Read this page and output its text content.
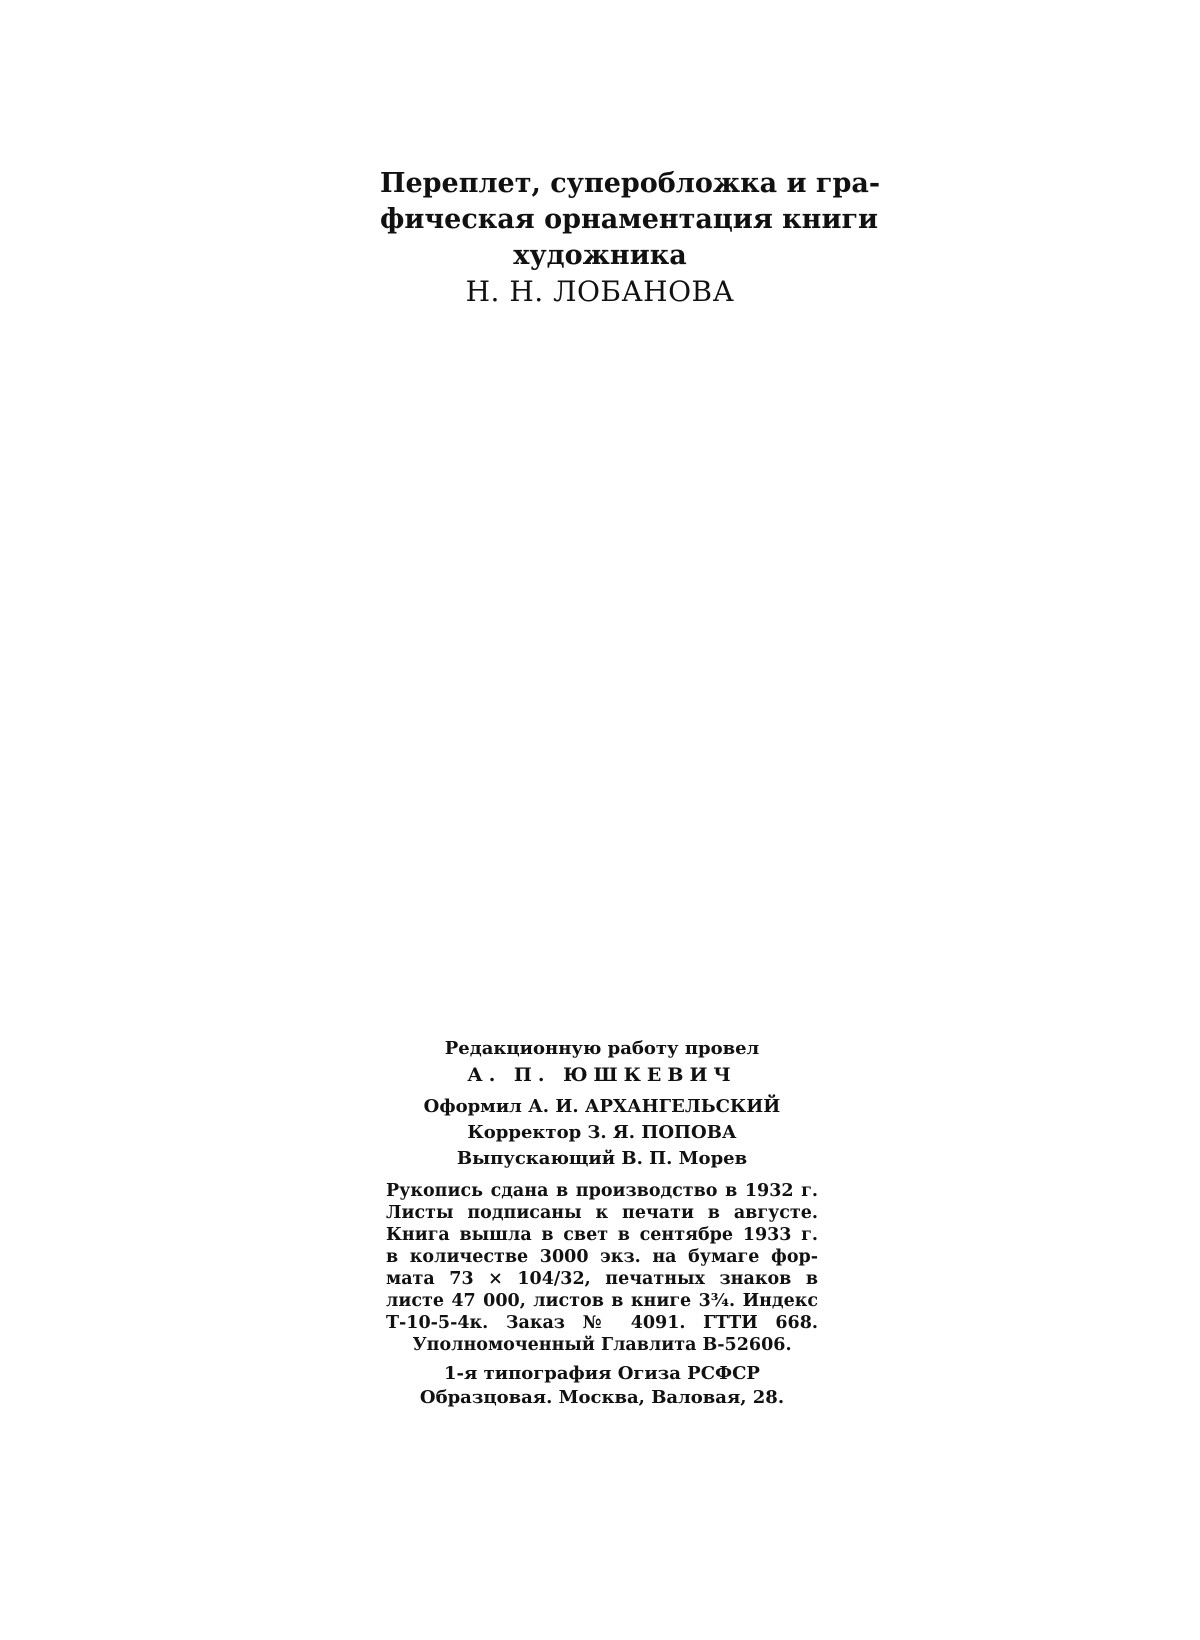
Переплет, суперобложка и гра-
фическая орнаментация книги
художника
Н. Н. ЛОБАНОВА
Редакционную работу провел
А. П. ЮШКЕВИЧ
Оформил А. И. АРХАНГЕЛЬСКИЙ
Корректор З. Я. ПОПОВА
Выпускающий В. П. Морев
Рукопись сдана в производство в 1932 г.
Листы подписаны к печати в августе.
Книга вышла в свет в сентябре 1933 г.
в количестве 3000 экз. на бумаге фор-
мата 73 × 104/32, печатных знаков в
листе 47 000, листов в книге 3¾. Индекс
Т-10-5-4к. Заказ № 4091. ГТТИ 668.
Уполномоченный Главлита В-52606.
1-я типография Огиза РСФСР
Образцовая. Москва, Валовая, 28.
